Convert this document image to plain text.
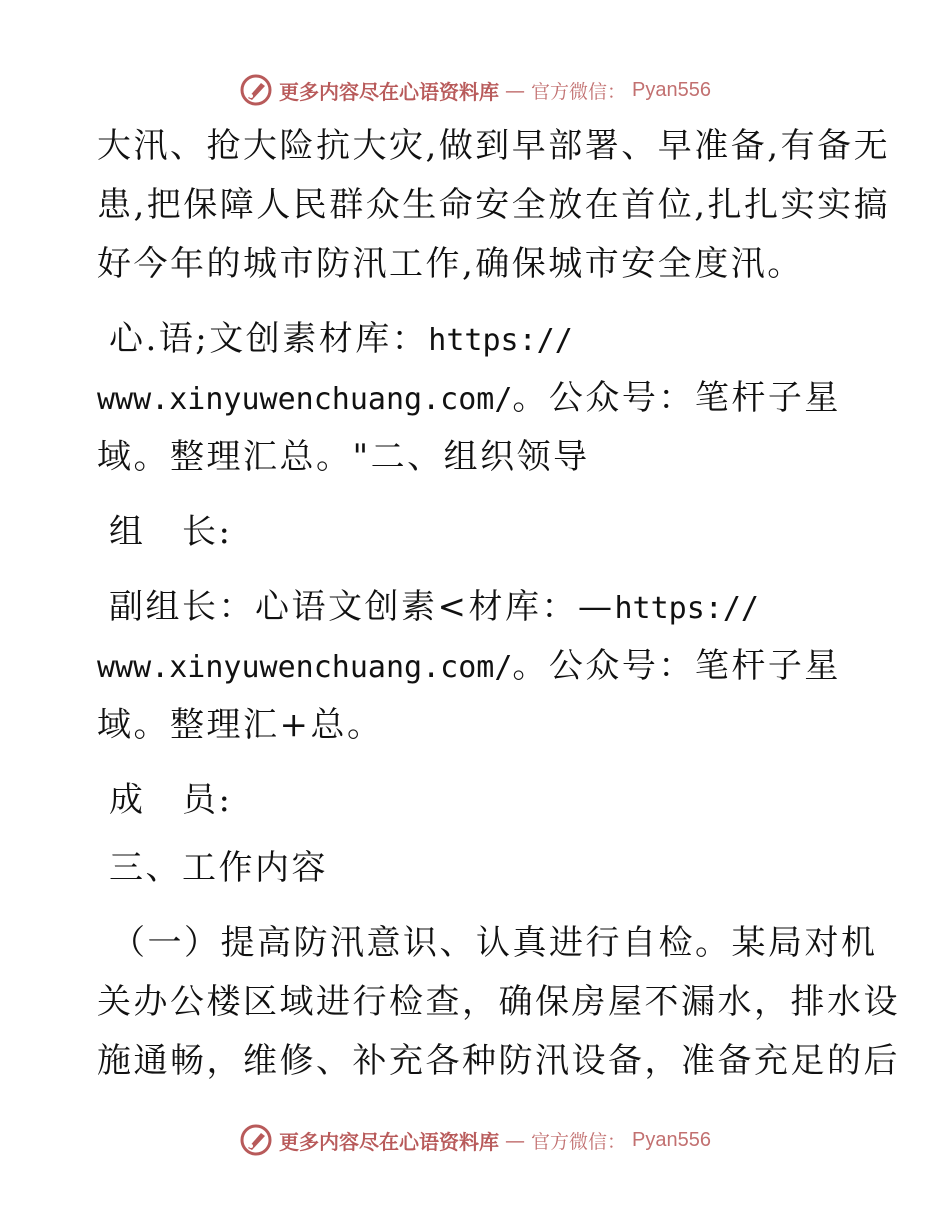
更多内容尽在心语资料库 — 官方微信： Pyan556
大汛、抢大险抗大灾,做到早部署、早准备,有备无
患,把保障人民群众生命安全放在首位,扎扎实实搞
好今年的城市防汛工作,确保城市安全度汛。
心.语;文创素材库：https://
www.xinyuwenchuang.com/。公众号：笔杆子星
域。整理汇总。"二、组织领导
组　长:
副组长：心语文创素<材库：—https://
www.xinyuwenchuang.com/。公众号：笔杆子星
域。整理汇+总。
成　员:
三、工作内容
（一）提高防汛意识、认真进行自检。某局对机
关办公楼区域进行检查，确保房屋不漏水，排水设
施通畅，维修、补充各种防汛设备，准备充足的后
更多内容尽在心语资料库 — 官方微信： Pyan556
